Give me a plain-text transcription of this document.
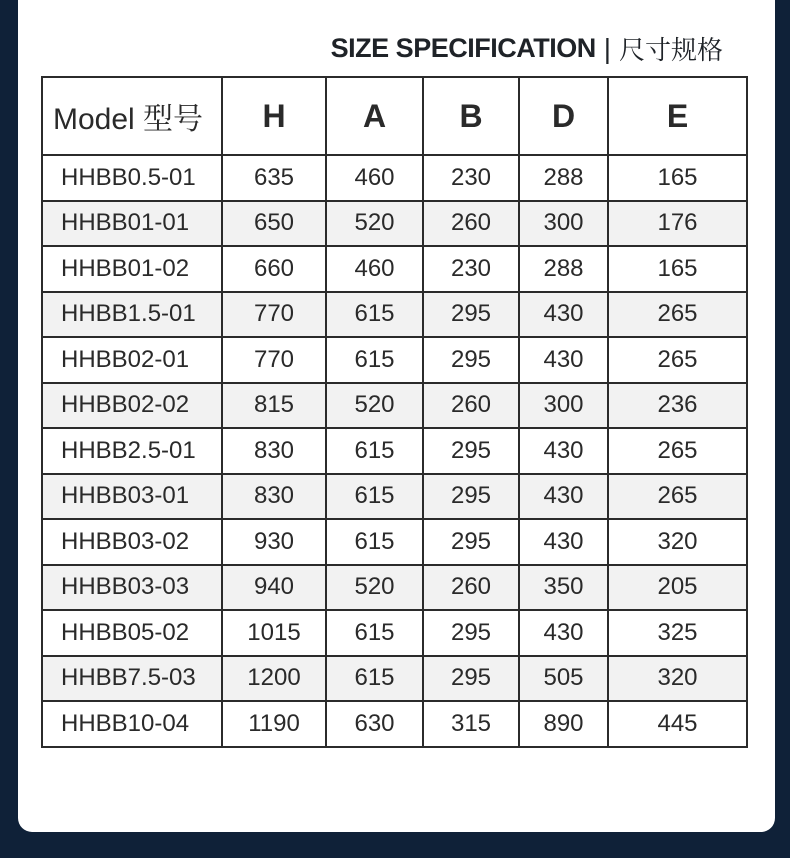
SIZE SPECIFICATION | 尺寸规格
Model 型号	H	A	B	D	E
HHBB0.5-01	635	460	230	288	165
HHBB01-01	650	520	260	300	176
HHBB01-02	660	460	230	288	165
HHBB1.5-01	770	615	295	430	265
HHBB02-01	770	615	295	430	265
HHBB02-02	815	520	260	300	236
HHBB2.5-01	830	615	295	430	265
HHBB03-01	830	615	295	430	265
HHBB03-02	930	615	295	430	320
HHBB03-03	940	520	260	350	205
HHBB05-02	1015	615	295	430	325
HHBB7.5-03	1200	615	295	505	320
HHBB10-04	1190	630	315	890	445
